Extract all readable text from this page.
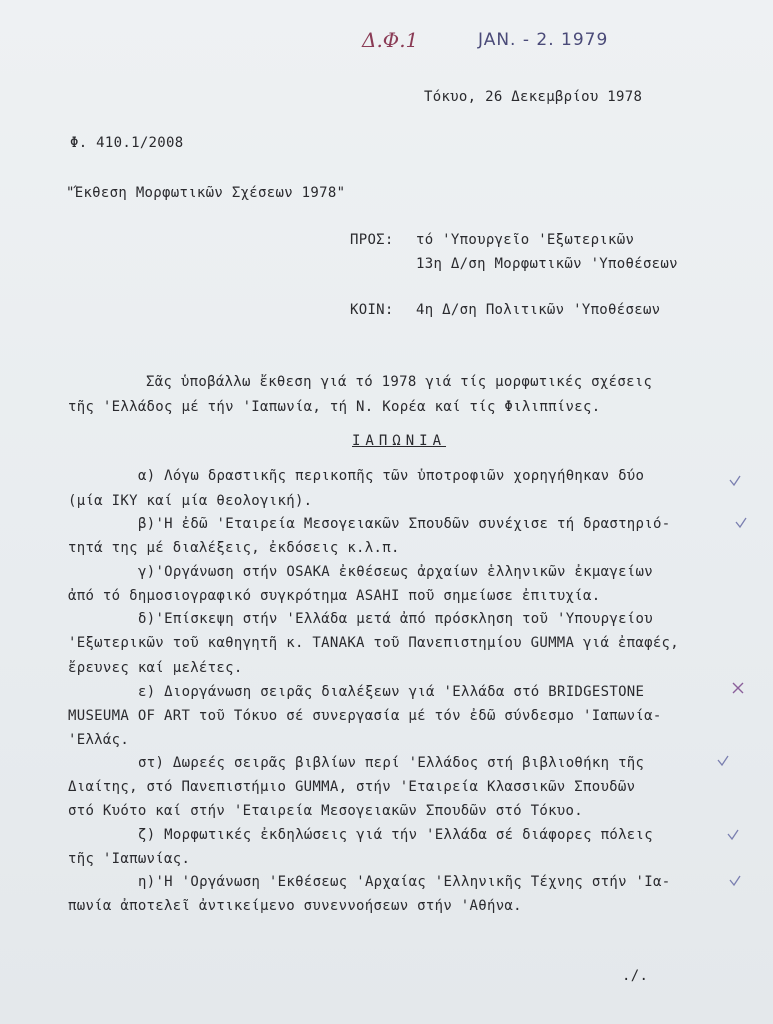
Δ.Φ.1	JAN. - 2. 1979
Τόκυο, 26 Δεκεμβρίου 1978
Φ. 410.1/2008
"Έκθεση Μορφωτικῶν Σχέσεων 1978"
ΠΡΟΣ: τό 'Υπουργεῖο 'Εξωτερικῶν
13η Δ/ση Μορφωτικῶν 'Υποθέσεων
ΚΟΙΝ: 4η Δ/ση Πολιτικῶν 'Υποθέσεων
Σᾶς ὑποβάλλω ἔκθεση γιά τό 1978 γιά τίς μορφωτικές σχέσεις
τῆς 'Ελλάδος μέ τήν 'Ιαπωνία, τή Ν. Κορέα καί τίς Φιλιππίνες.
ΙΑΠΩΝΙΑ
α) Λόγω δραστικῆς περικοπῆς τῶν ὑποτροφιῶν χορηγήθηκαν δύο
(μία ΙΚΥ καί μία θεολογική).
β)'Η ἐδῶ 'Εταιρεία Μεσογειακῶν Σπουδῶν συνέχισε τή δραστηριό-
τητά της μέ διαλέξεις, ἐκδόσεις κ.λ.π.
γ)'Οργάνωση στήν OSAKA ἐκθέσεως ἀρχαίων ἑλληνικῶν ἐκμαγείων
ἀπό τό δημοσιογραφικό συγκρότημα ASAHI ποῦ σημείωσε ἐπιτυχία.
δ)'Επίσκεψη στήν 'Ελλάδα μετά ἀπό πρόσκληση τοῦ 'Υπουργείου
'Εξωτερικῶν τοῦ καθηγητῆ κ. TANAKA τοῦ Πανεπιστημίου GUMMA γιά ἐπαφές,
ἔρευνες καί μελέτες.
ε) Διοργάνωση σειρᾶς διαλέξεων γιά 'Ελλάδα στό BRIDGESTONE
MUSEUMA OF ART τοῦ Τόκυο σέ συνεργασία μέ τόν ἐδῶ σύνδεσμο 'Ιαπωνία-
'Ελλάς.
στ) Δωρεές σειρᾶς βιβλίων περί 'Ελλάδος στή βιβλιοθήκη τῆς
Διαίτης, στό Πανεπιστήμιο GUMMA, στήν 'Εταιρεία Κλασσικῶν Σπουδῶν
στό Κυότο καί στήν 'Εταιρεία Μεσογειακῶν Σπουδῶν στό Τόκυο.
ζ) Μορφωτικές ἐκδηλώσεις γιά τήν 'Ελλάδα σέ διάφορες πόλεις
τῆς 'Ιαπωνίας.
η)'Η 'Οργάνωση 'Εκθέσεως 'Αρχαίας 'Ελληνικῆς Τέχνης στήν 'Ια-
πωνία ἀποτελεῖ ἀντικείμενο συνεννοήσεων στήν 'Αθήνα.
./.
